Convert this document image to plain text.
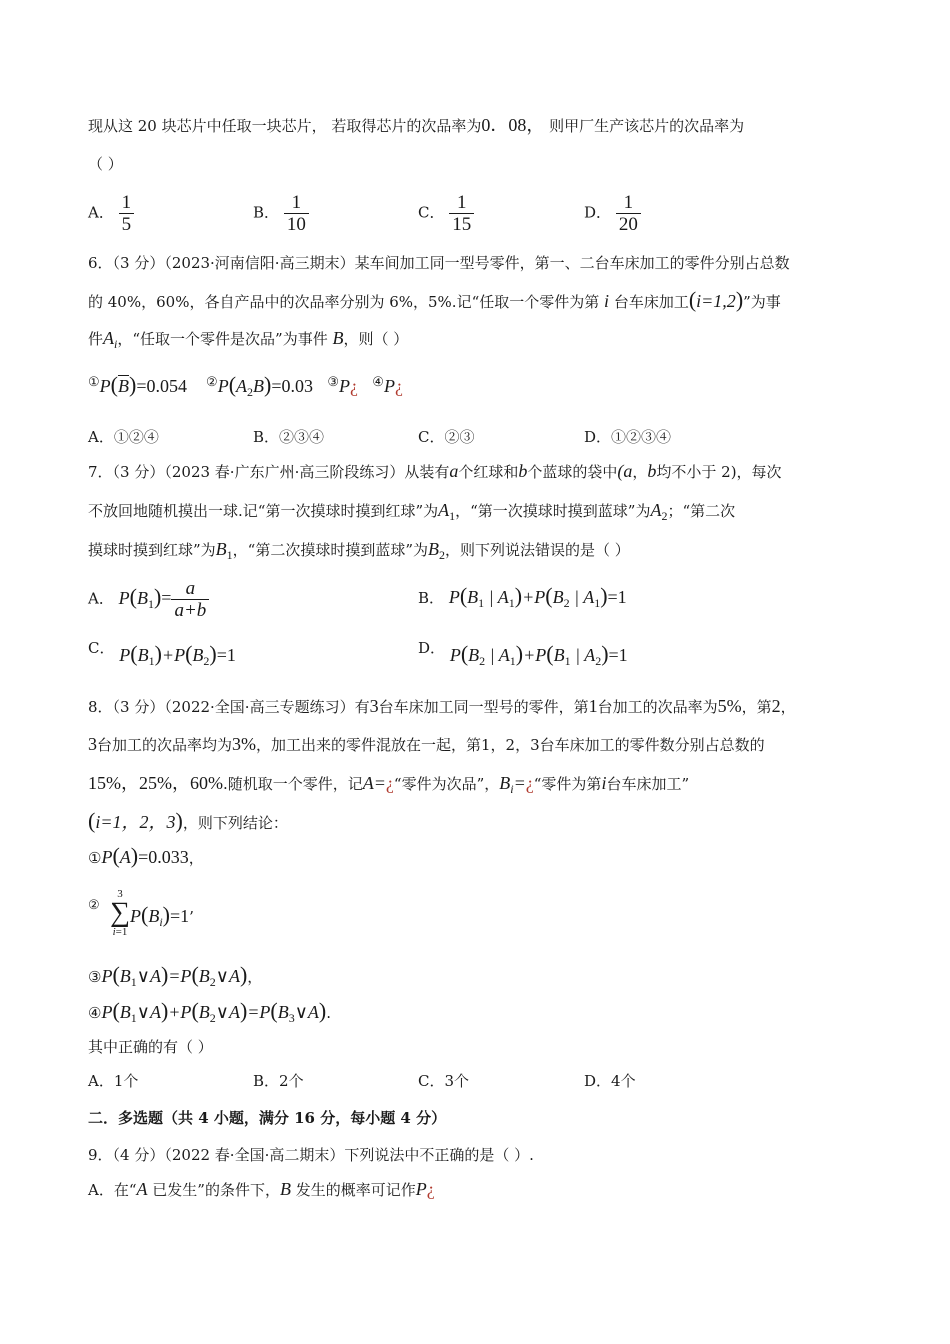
现从这 20 块芯片中任取一块芯片， 若取得芯片的次品率为0．08， 则甲厂生产该芯片的次品率为
（ ）
A． $\frac{1}{5}$	B． $\frac{1}{10}$	C． $\frac{1}{15}$	D． $\frac{1}{20}$
6．（3 分）（2023·河南信阳·高三期末）某车间加工同一型号零件，第一、二台车床加工的零件分别占总数
的 40%，60%，各自产品中的次品率分别为 6%，5%.记“任取一个零件为第 i 台车床加工(i=1,2)”为事
件$A_i$，“任取一个零件是次品”为事件 B，则（ ）
$①P(\overline{B})=0.054$ $②P(A_2B)=0.03$ ③P¿ ④P¿
A．①②④	B．②③④	C．②③	D．①②③④
7．（3 分）（2023 春·广东广州·高三阶段练习）从装有a个红球和b个蓝球的袋中(a，b均不小于 2)，每次
不放回地随机摸出一球.记“第一次摸球时摸到红球”为$A_1$，“第一次摸球时摸到蓝球”为$A_2$；“第二次
摸球时摸到红球”为$B_1$，“第二次摸球时摸到蓝球”为$B_2$，则下列说法错误的是（ ）
A． $P(B_1)= \frac{a}{a+b}$	B． $P(B_1$ | $A_1)+P(B_2$ | $A_1)=1$
C． $P(B_1)+P(B_2)=1$	D． $P(B_2$ | $A_1)+P(B_1$ | $A_2)=1$
8．（3 分）（2022·全国·高三专题练习）有3台车床加工同一型号的零件，第1台加工的次品率为5%，第2，
3台加工的次品率均为3%，加工出来的零件混放在一起，第1，2，3台车床加工的零件数分别占总数的
15%，25%，60%.随机取一个零件，记A=¿“零件为次品”，$B_i=¿“$零件为第i台车床加工”
(i=1，2，3)，则下列结论：
①P(A)=0.033，
3
∑
i=1
②
$P(B_i)=1$’
$③P(B_1\vee A)=P(B_2\vee A)$，
$④P(B_1\vee A)+P(B_2\vee A)=P(B_3\vee A)$.
其中正确的有（ ）
A．1个	B．2个	C．3个	D．4个
二．多选题（共 4 小题，满分 16 分，每小题 4 分）
9．（4 分）（2022 春·全国·高二期末）下列说法中不正确的是（ ）.
A．在“A 已发生”的条件下，B 发生的概率可记作P¿
